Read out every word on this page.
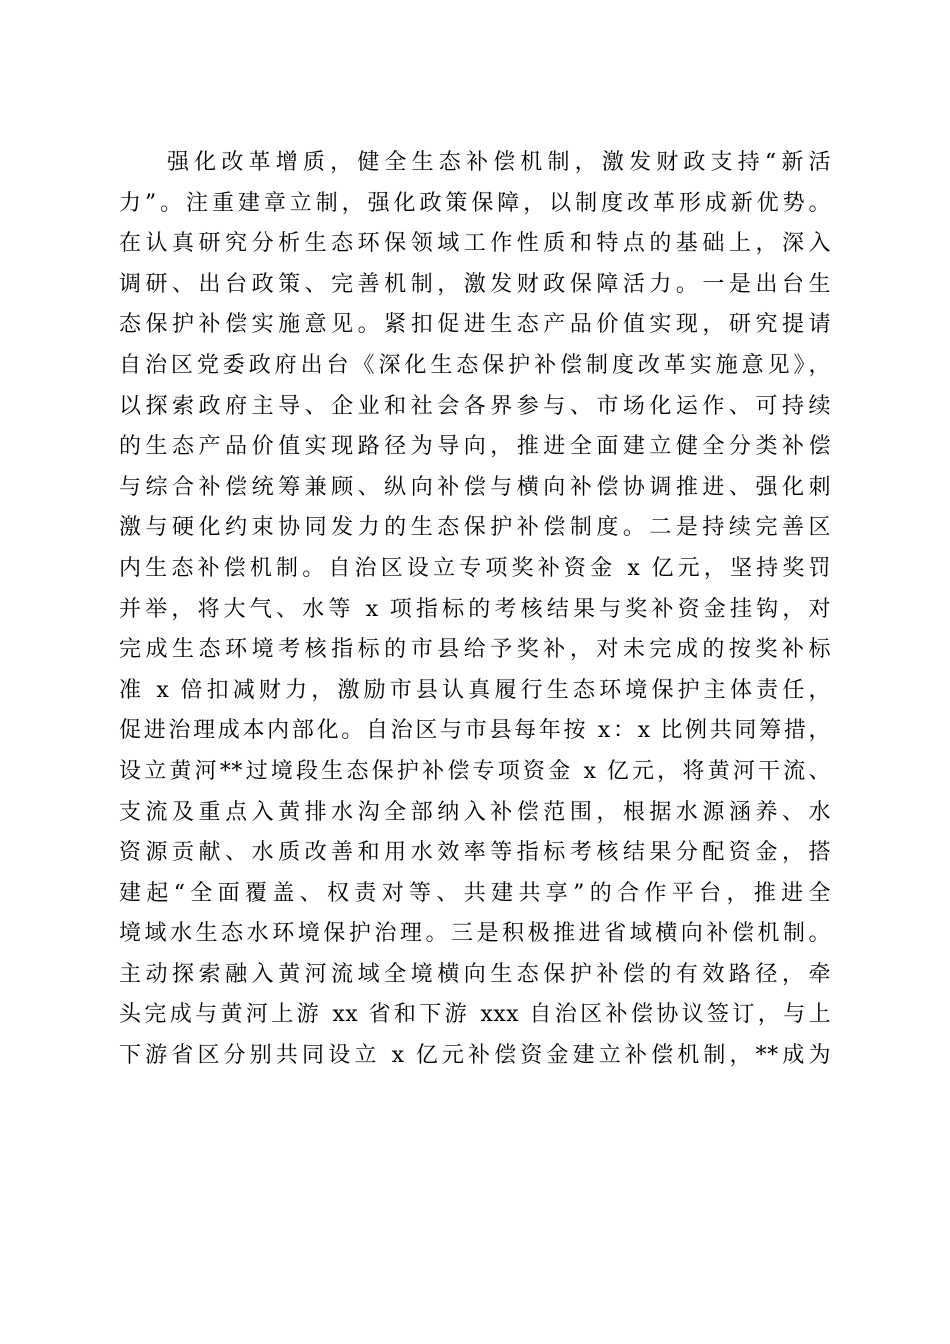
强化改革增质，健全生态补偿机制，激发财政支持“新活
力”。注重建章立制，强化政策保障，以制度改革形成新优势。
在认真研究分析生态环保领域工作性质和特点的基础上，深入
调研、出台政策、完善机制，激发财政保障活力。一是出台生
态保护补偿实施意见。紧扣促进生态产品价值实现，研究提请
自治区党委政府出台《深化生态保护补偿制度改革实施意见》，
以探索政府主导、企业和社会各界参与、市场化运作、可持续
的生态产品价值实现路径为导向，推进全面建立健全分类补偿
与综合补偿统筹兼顾、纵向补偿与横向补偿协调推进、强化刺
激与硬化约束协同发力的生态保护补偿制度。二是持续完善区
内生态补偿机制。自治区设立专项奖补资金 x 亿元，坚持奖罚
并举，将大气、水等 x 项指标的考核结果与奖补资金挂钩，对
完成生态环境考核指标的市县给予奖补，对未完成的按奖补标
准 x 倍扣减财力，激励市县认真履行生态环境保护主体责任，
促进治理成本内部化。自治区与市县每年按 x：x 比例共同筹措，
设立黄河**过境段生态保护补偿专项资金 x 亿元，将黄河干流、
支流及重点入黄排水沟全部纳入补偿范围，根据水源涵养、水
资源贡献、水质改善和用水效率等指标考核结果分配资金，搭
建起“全面覆盖、权责对等、共建共享”的合作平台，推进全
境域水生态水环境保护治理。三是积极推进省域横向补偿机制。
主动探索融入黄河流域全境横向生态保护补偿的有效路径，牵
头完成与黄河上游 xx 省和下游 xxx 自治区补偿协议签订，与上
下游省区分别共同设立 x 亿元补偿资金建立补偿机制，**成为
